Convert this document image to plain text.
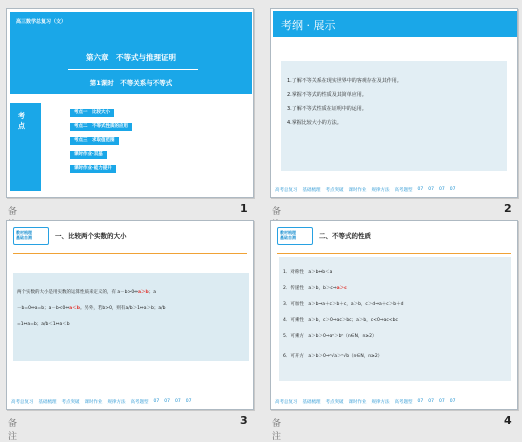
高三数学总复习（文）
第六章　不等式与推理证明
第1课时　不等关系与不等式
考点
考点一　比较大小
考点二　不等式性质的应用
考点三　求取值范围
课时作业·双基
课时作业·能力提升
备	1
考纲 · 展示
1.了解不等关系在现实世界中的客观存在及其作用。
2.掌握不等式的性质及其简单应用。
3.了解不等式性质在证明中的运用。
4.掌握比较大小的方法。
高考总复习 基础梳理 考点突破 课时作业 规律方法 高考题型 07 07 07 07
备	2
教材梳理
基础自测	一、比较两个实数的大小
两个实数的大小是用实数的运算性质来定义的，有 a－b>0⇔a＞b；a
－b=0⇔a=b；a－b<0⇔a＜b。另外，若b>0，则有a/b＞1⇔a＞b；a/b
=1⇔a=b；a/b＜1⇔a＜b
高考总复习 基础梳理 考点突破 课时作业 规律方法 高考题型 07 07 07 07
备注
3
教材梳理
基础自测	二、不等式的性质
1．对称性　 a＞b⇔b＜a
2．传递性　 a＞b，b＞c⇒a＞c
3．可加性　 a＞b⇒a＋c＞b＋c，a＞b，c＞d⇒a＋c＞b＋d
4．可乘性　 a＞b，c＞0⇒ac＞bc；a＞b，c<0⇒ac<bc
5．可乘方　 a＞b＞0⇒aⁿ＞bⁿ（n∈N，n≥2）
6．可开方　 a＞b＞0⇒ⁿ√a＞ⁿ√b（n∈N，n≥2）
高考总复习 基础梳理 考点突破 课时作业 规律方法 高考题型 07 07 07 07
备注
4
